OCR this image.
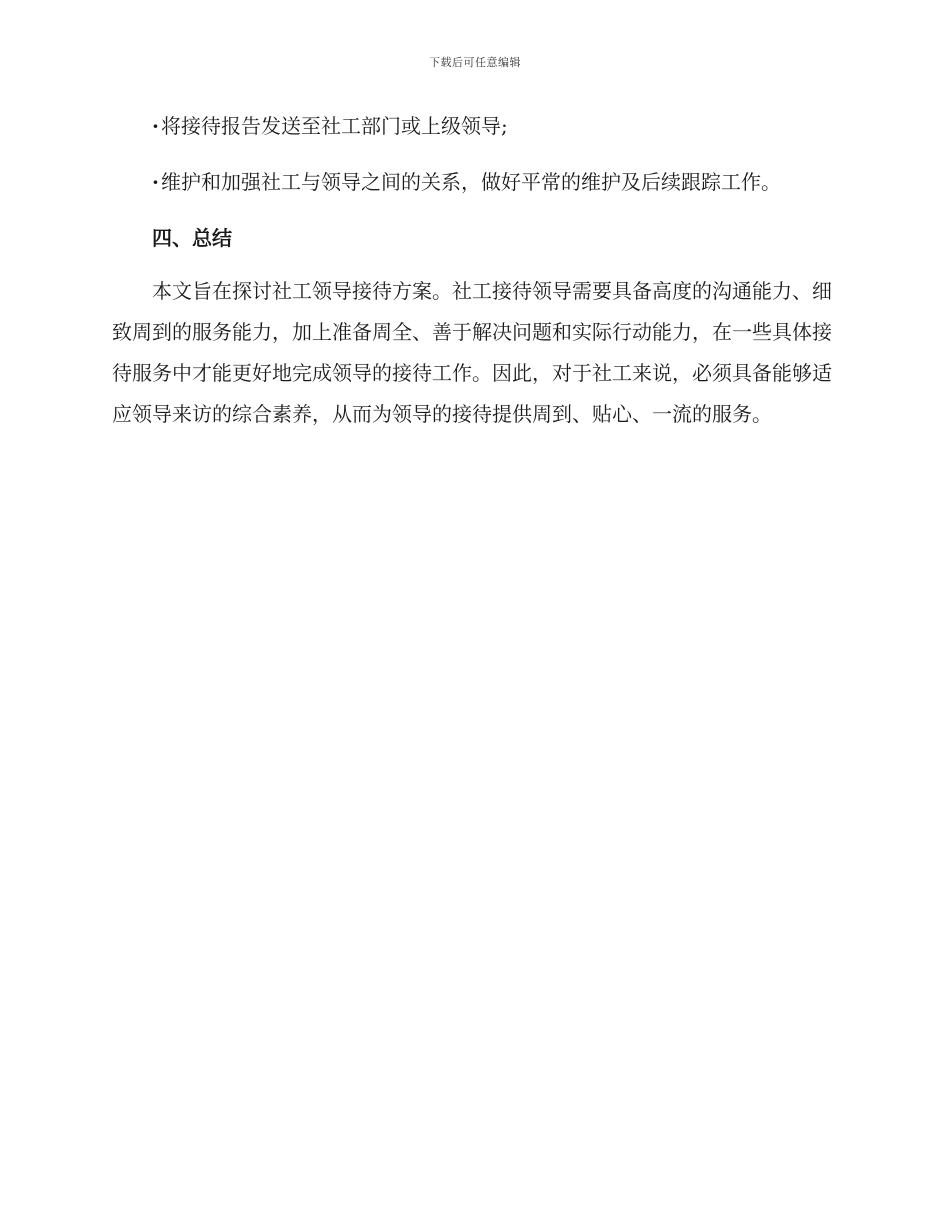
下载后可任意编辑

· 将接待报告发送至社工部门或上级领导;

· 维护和加强社工与领导之间的关系，做好平常的维护及后续跟踪工作。

四、总结

本文旨在探讨社工领导接待方案。社工接待领导需要具备高度的沟通能力、细致周到的服务能力，加上准备周全、善于解决问题和实际行动能力，在一些具体接待服务中才能更好地完成领导的接待工作。因此，对于社工来说，必须具备能够适应领导来访的综合素养，从而为领导的接待提供周到、贴心、一流的服务。
